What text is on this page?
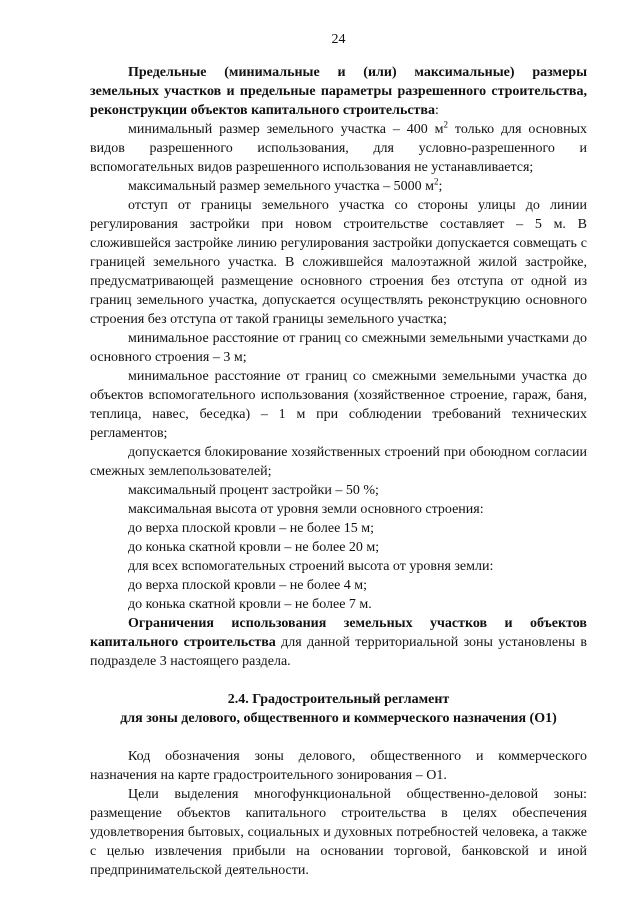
24

Предельные (минимальные и (или) максимальные) размеры земельных участков и предельные параметры разрешенного строительства, реконструкции объектов капитального строительства:

минимальный размер земельного участка – 400 $м^2$ только для основных видов разрешенного использования, для условно-разрешенного и вспомогательных видов разрешенного использования не устанавливается;

максимальный размер земельного участка – 5000 $м^2$;

отступ от границы земельного участка со стороны улицы до линии регулирования застройки при новом строительстве составляет – 5 м. В сложившейся застройке линию регулирования застройки допускается совмещать с границей земельного участка. В сложившейся малоэтажной жилой застройке, предусматривающей размещение основного строения без отступа от одной из границ земельного участка, допускается осуществлять реконструкцию основного строения без отступа от такой границы земельного участка;

минимальное расстояние от границ со смежными земельными участками до основного строения – 3 м;

минимальное расстояние от границ со смежными земельными участка до объектов вспомогательного использования (хозяйственное строение, гараж, баня, теплица, навес, беседка) – 1 м при соблюдении требований технических регламентов;

допускается блокирование хозяйственных строений при обоюдном согласии смежных землепользователей;

максимальный процент застройки – 50 %;

максимальная высота от уровня земли основного строения:

до верха плоской кровли – не более 15 м;

до конька скатной кровли – не более 20 м;

для всех вспомогательных строений высота от уровня земли:

до верха плоской кровли – не более 4 м;

до конька скатной кровли – не более 7 м.

Ограничения использования земельных участков и объектов капитального строительства для данной территориальной зоны установлены в подразделе 3 настоящего раздела.

2.4. Градостроительный регламент

для зоны делового, общественного и коммерческого назначения (О1)

Код обозначения зоны делового, общественного и коммерческого назначения на карте градостроительного зонирования – О1.

Цели выделения многофункциональной общественно-деловой зоны: размещение объектов капитального строительства в целях обеспечения удовлетворения бытовых, социальных и духовных потребностей человека, а также с целью извлечения прибыли на основании торговой, банковской и иной предпринимательской деятельности.
